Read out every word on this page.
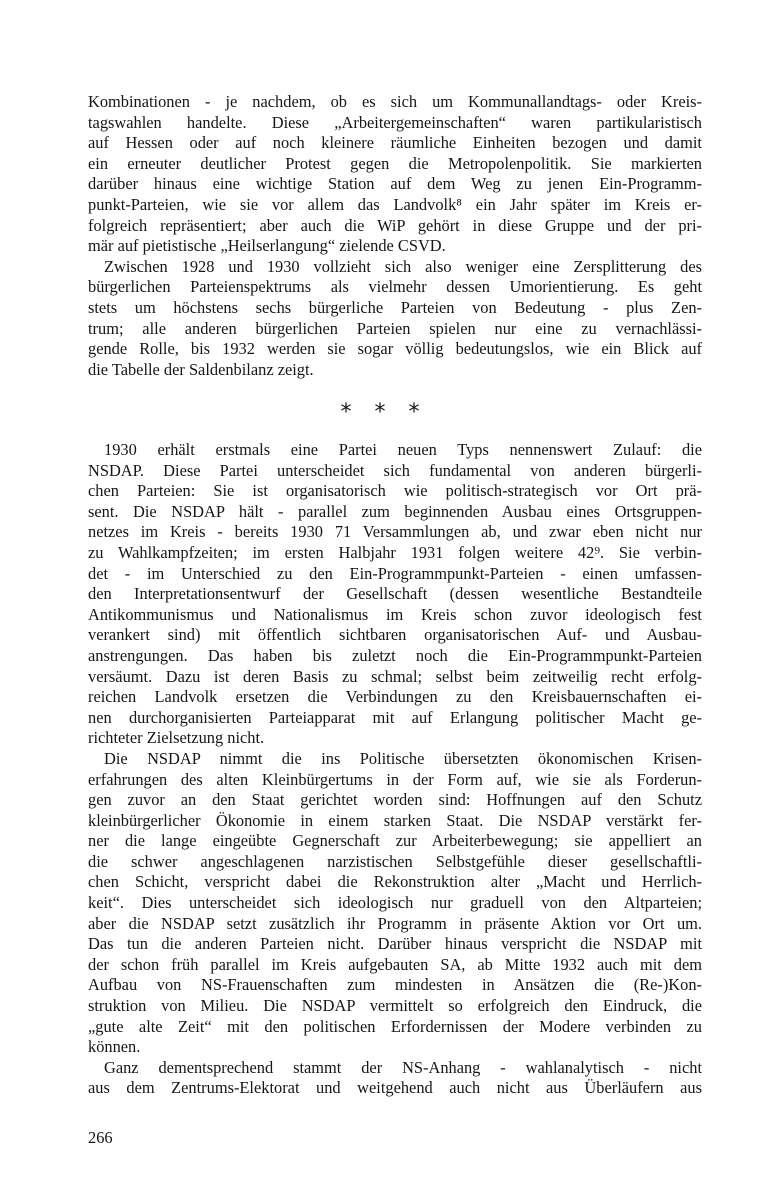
Kombinationen - je nachdem, ob es sich um Kommunallandtags- oder Kreis-
tagswahlen handelte. Diese „Arbeitergemeinschaften“ waren partikularistisch
auf Hessen oder auf noch kleinere räumliche Einheiten bezogen und damit
ein erneuter deutlicher Protest gegen die Metropolenpolitik. Sie markierten
darüber hinaus eine wichtige Station auf dem Weg zu jenen Ein-Programm-
punkt-Parteien, wie sie vor allem das Landvolk⁸ ein Jahr später im Kreis er-
folgreich repräsentiert; aber auch die WiP gehört in diese Gruppe und der pri-
mär auf pietistische „Heilserlangung“ zielende CSVD.
Zwischen 1928 und 1930 vollzieht sich also weniger eine Zersplitterung des
bürgerlichen Parteienspektrums als vielmehr dessen Umorientierung. Es geht
stets um höchstens sechs bürgerliche Parteien von Bedeutung - plus Zen-
trum; alle anderen bürgerlichen Parteien spielen nur eine zu vernachlässi-
gende Rolle, bis 1932 werden sie sogar völlig bedeutungslos, wie ein Blick auf
die Tabelle der Saldenbilanz zeigt.
* * *
1930 erhält erstmals eine Partei neuen Typs nennenswert Zulauf: die
NSDAP. Diese Partei unterscheidet sich fundamental von anderen bürgerli-
chen Parteien: Sie ist organisatorisch wie politisch-strategisch vor Ort prä-
sent. Die NSDAP hält - parallel zum beginnenden Ausbau eines Ortsgruppen-
netzes im Kreis - bereits 1930 71 Versammlungen ab, und zwar eben nicht nur
zu Wahlkampfzeiten; im ersten Halbjahr 1931 folgen weitere 42⁹. Sie verbin-
det - im Unterschied zu den Ein-Programmpunkt-Parteien - einen umfassen-
den Interpretationsentwurf der Gesellschaft (dessen wesentliche Bestandteile
Antikommunismus und Nationalismus im Kreis schon zuvor ideologisch fest
verankert sind) mit öffentlich sichtbaren organisatorischen Auf- und Ausbau-
anstrengungen. Das haben bis zuletzt noch die Ein-Programmpunkt-Parteien
versäumt. Dazu ist deren Basis zu schmal; selbst beim zeitweilig recht erfolg-
reichen Landvolk ersetzen die Verbindungen zu den Kreisbauernschaften ei-
nen durchorganisierten Parteiapparat mit auf Erlangung politischer Macht ge-
richteter Zielsetzung nicht.
Die NSDAP nimmt die ins Politische übersetzten ökonomischen Krisen-
erfahrungen des alten Kleinbürgertums in der Form auf, wie sie als Forderun-
gen zuvor an den Staat gerichtet worden sind: Hoffnungen auf den Schutz
kleinbürgerlicher Ökonomie in einem starken Staat. Die NSDAP verstärkt fer-
ner die lange eingeübte Gegnerschaft zur Arbeiterbewegung; sie appelliert an
die schwer angeschlagenen narzistischen Selbstgefühle dieser gesellschaftli-
chen Schicht, verspricht dabei die Rekonstruktion alter „Macht und Herrlich-
keit“. Dies unterscheidet sich ideologisch nur graduell von den Altparteien;
aber die NSDAP setzt zusätzlich ihr Programm in präsente Aktion vor Ort um.
Das tun die anderen Parteien nicht. Darüber hinaus verspricht die NSDAP mit
der schon früh parallel im Kreis aufgebauten SA, ab Mitte 1932 auch mit dem
Aufbau von NS-Frauenschaften zum mindesten in Ansätzen die (Re-)Kon-
struktion von Milieu. Die NSDAP vermittelt so erfolgreich den Eindruck, die
„gute alte Zeit“ mit den politischen Erfordernissen der Modere verbinden zu
können.
Ganz dementsprechend stammt der NS-Anhang - wahlanalytisch - nicht
aus dem Zentrums-Elektorat und weitgehend auch nicht aus Überläufern aus
266
